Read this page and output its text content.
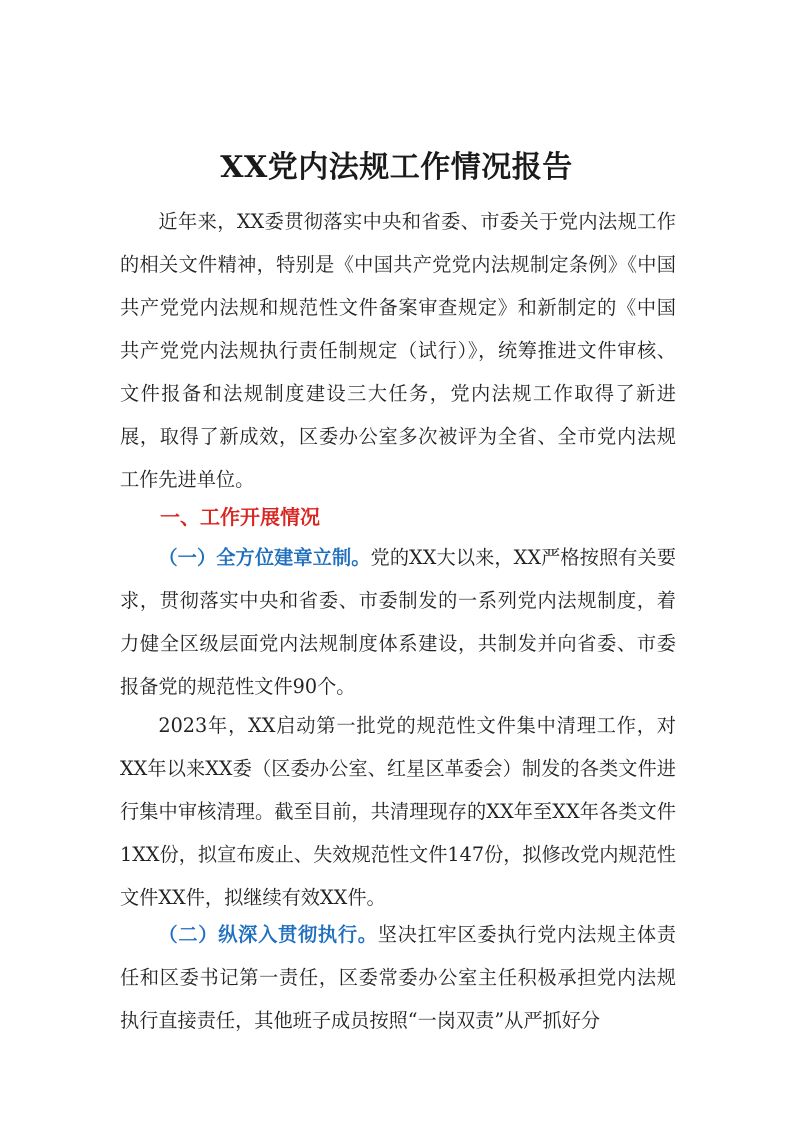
XX党内法规工作情况报告

近年来，XX委贯彻落实中央和省委、市委关于党内法规工作的相关文件精神，特别是《中国共产党党内法规制定条例》《中国共产党党内法规和规范性文件备案审查规定》和新制定的《中国共产党党内法规执行责任制规定（试行）》，统筹推进文件审核、文件报备和法规制度建设三大任务，党内法规工作取得了新进展，取得了新成效，区委办公室多次被评为全省、全市党内法规工作先进单位。

一、工作开展情况

（一）全方位建章立制。党的XX大以来，XX严格按照有关要求，贯彻落实中央和省委、市委制发的一系列党内法规制度，着力健全区级层面党内法规制度体系建设，共制发并向省委、市委报备党的规范性文件90个。

2023年，XX启动第一批党的规范性文件集中清理工作，对XX年以来XX委（区委办公室、红星区革委会）制发的各类文件进行集中审核清理。截至目前，共清理现存的XX年至XX年各类文件1XX份，拟宣布废止、失效规范性文件147份，拟修改党内规范性文件XX件，拟继续有效XX件。

（二）纵深入贯彻执行。坚决扛牢区委执行党内法规主体责任和区委书记第一责任，区委常委办公室主任积极承担党内法规执行直接责任，其他班子成员按照“一岗双责”从严抓好分
